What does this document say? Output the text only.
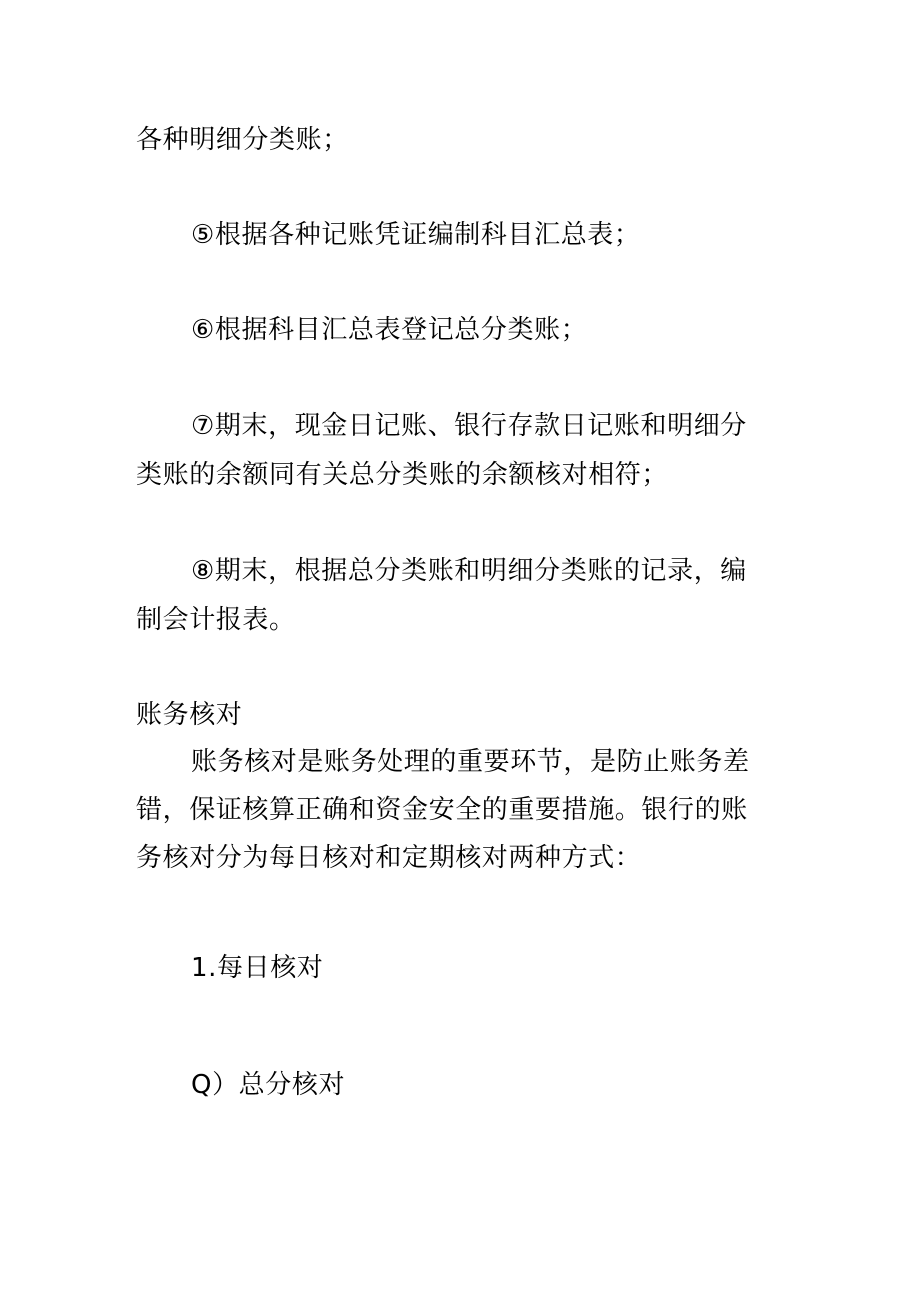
各种明细分类账；
⑤根据各种记账凭证编制科目汇总表；
⑥根据科目汇总表登记总分类账；
⑦期末，现金日记账、银行存款日记账和明细分
类账的余额同有关总分类账的余额核对相符；
⑧期末，根据总分类账和明细分类账的记录，编
制会计报表。
账务核对
账务核对是账务处理的重要环节，是防止账务差
错，保证核算正确和资金安全的重要措施。银行的账
务核对分为每日核对和定期核对两种方式：
1.每日核对
Q）总分核对
